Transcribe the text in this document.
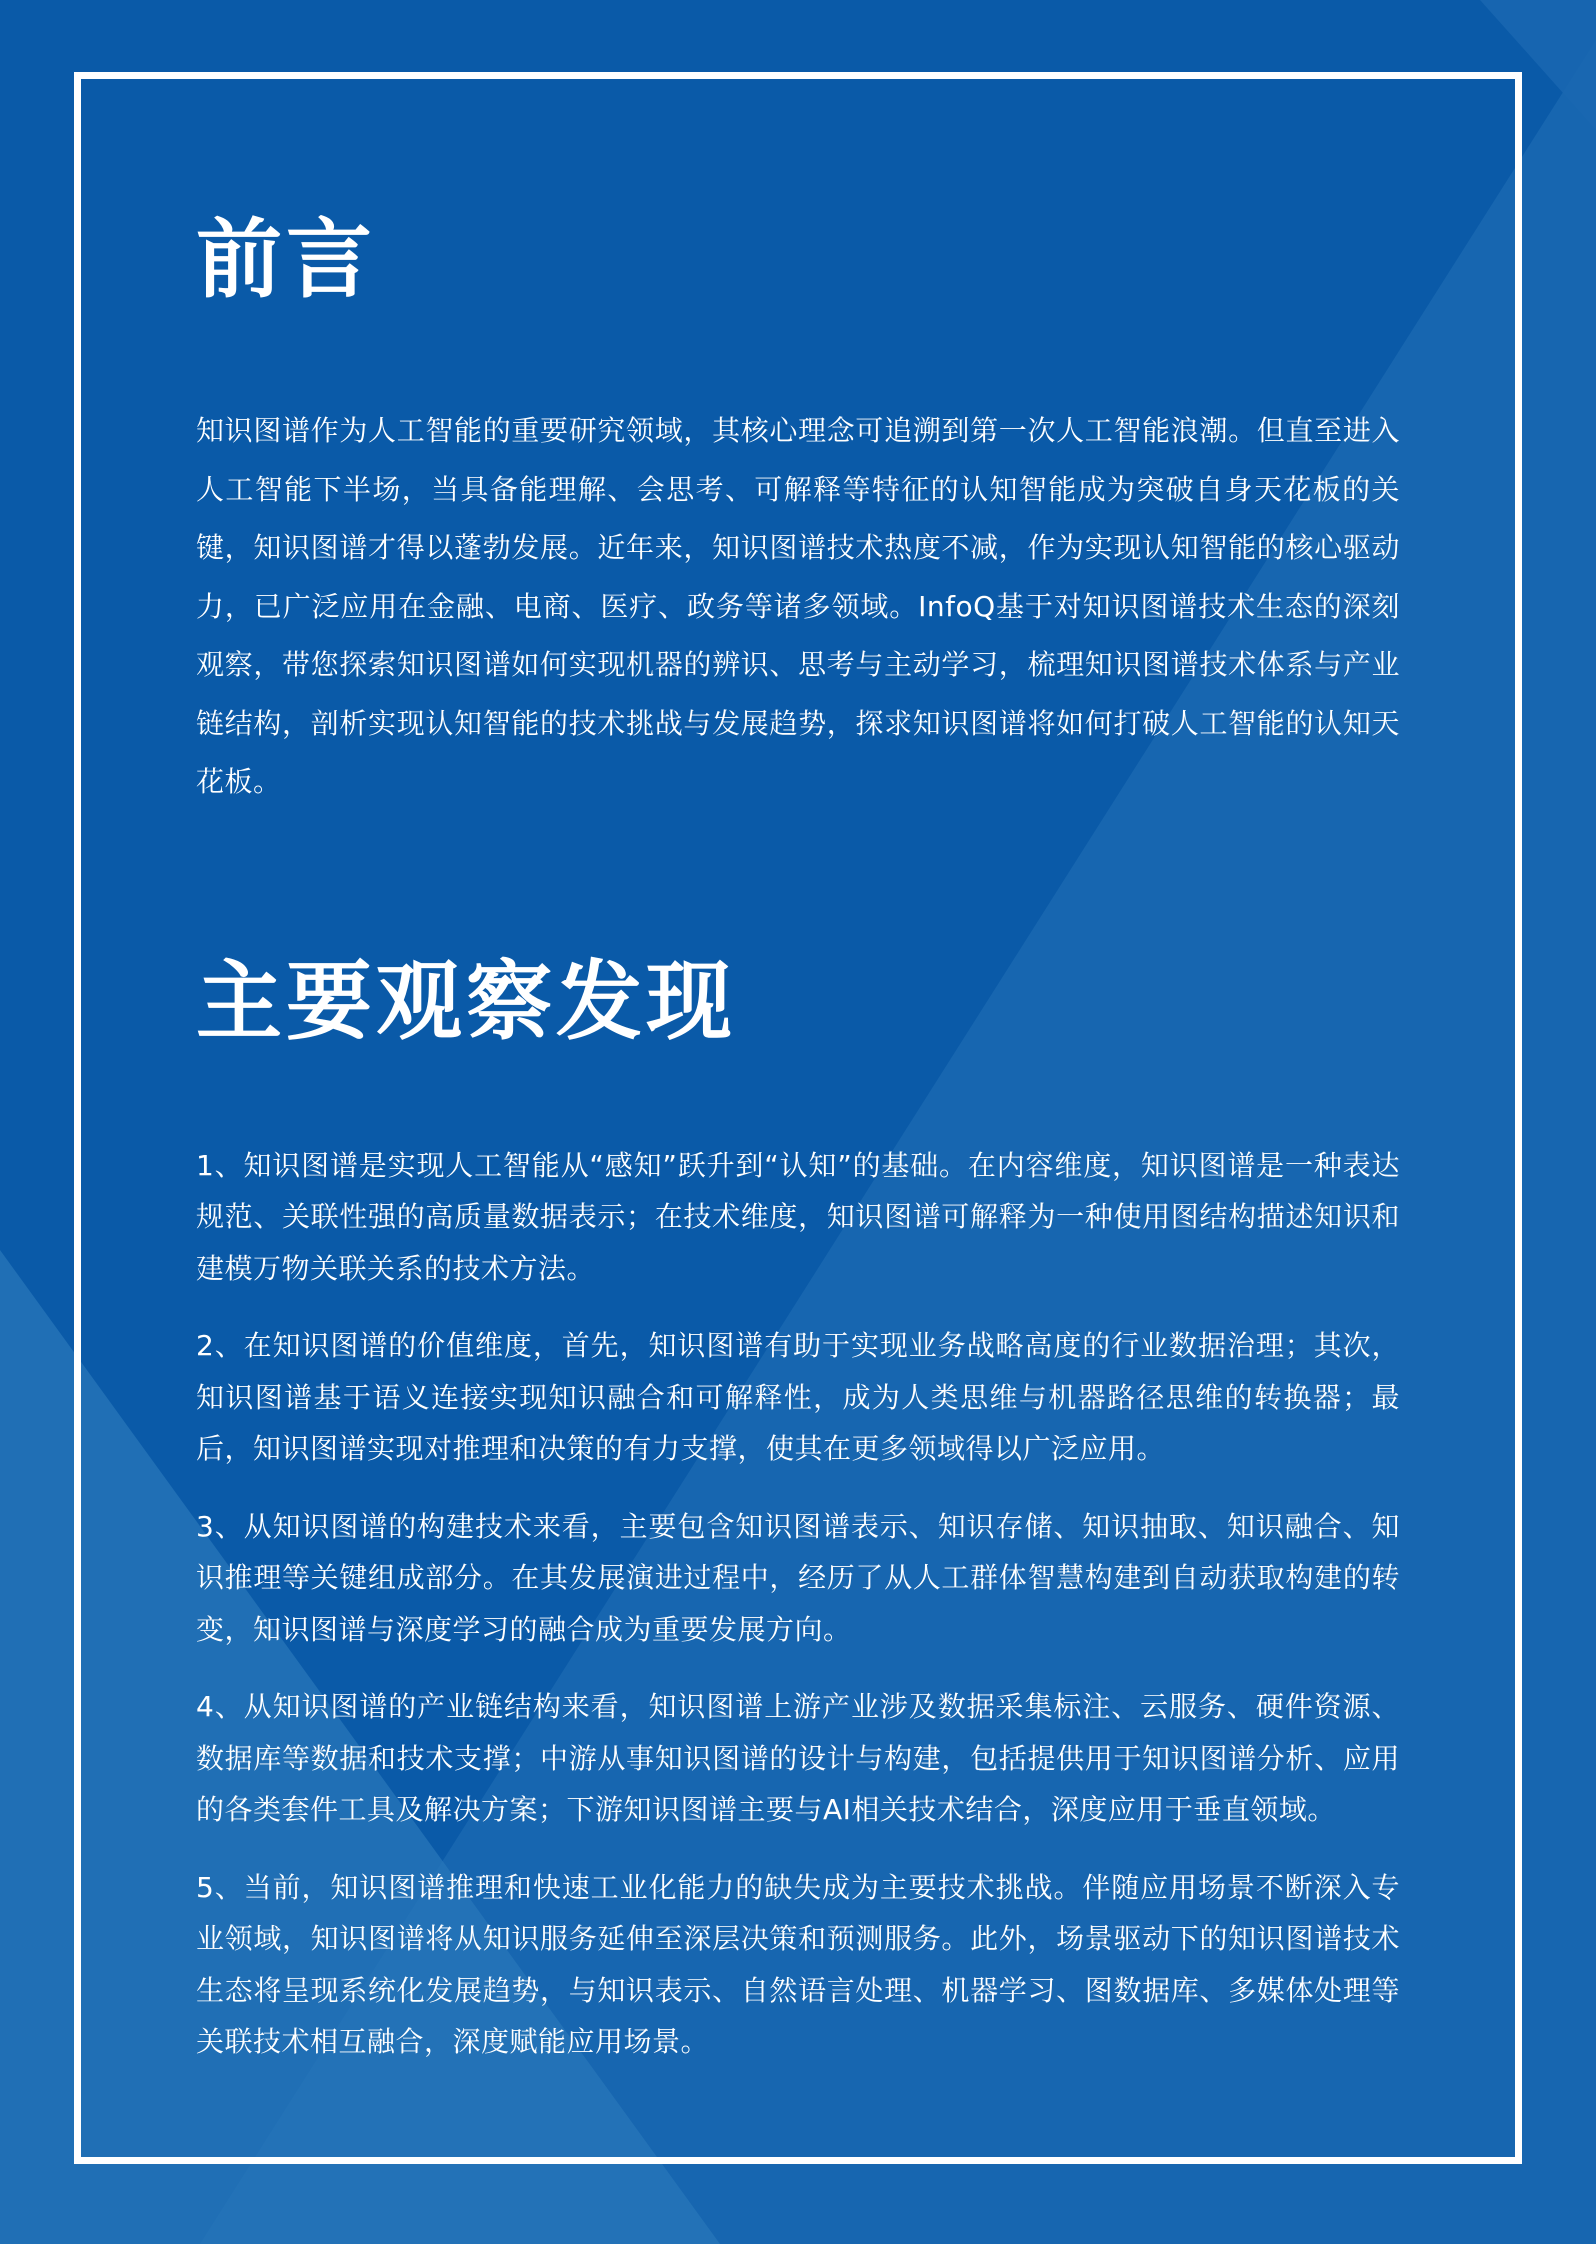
前言

知识图谱作为人工智能的重要研究领域，其核心理念可追溯到第一次人工智能浪潮。但直至进入人工智能下半场，当具备能理解、会思考、可解释等特征的认知智能成为突破自身天花板的关键，知识图谱才得以蓬勃发展。近年来，知识图谱技术热度不减，作为实现认知智能的核心驱动力，已广泛应用在金融、电商、医疗、政务等诸多领域。InfoQ基于对知识图谱技术生态的深刻观察，带您探索知识图谱如何实现机器的辨识、思考与主动学习，梳理知识图谱技术体系与产业链结构，剖析实现认知智能的技术挑战与发展趋势，探求知识图谱将如何打破人工智能的认知天花板。

主要观察发现

1、知识图谱是实现人工智能从“感知”跃升到“认知”的基础。在内容维度，知识图谱是一种表达规范、关联性强的高质量数据表示；在技术维度，知识图谱可解释为一种使用图结构描述知识和建模万物关联关系的技术方法。

2、在知识图谱的价值维度，首先，知识图谱有助于实现业务战略高度的行业数据治理；其次，知识图谱基于语义连接实现知识融合和可解释性，成为人类思维与机器路径思维的转换器；最后，知识图谱实现对推理和决策的有力支撑，使其在更多领域得以广泛应用。

3、从知识图谱的构建技术来看，主要包含知识图谱表示、知识存储、知识抽取、知识融合、知识推理等关键组成部分。在其发展演进过程中，经历了从人工群体智慧构建到自动获取构建的转变，知识图谱与深度学习的融合成为重要发展方向。

4、从知识图谱的产业链结构来看，知识图谱上游产业涉及数据采集标注、云服务、硬件资源、数据库等数据和技术支撑；中游从事知识图谱的设计与构建，包括提供用于知识图谱分析、应用的各类套件工具及解决方案；下游知识图谱主要与AI相关技术结合，深度应用于垂直领域。

5、当前，知识图谱推理和快速工业化能力的缺失成为主要技术挑战。伴随应用场景不断深入专业领域，知识图谱将从知识服务延伸至深层决策和预测服务。此外，场景驱动下的知识图谱技术生态将呈现系统化发展趋势，与知识表示、自然语言处理、机器学习、图数据库、多媒体处理等关联技术相互融合，深度赋能应用场景。
